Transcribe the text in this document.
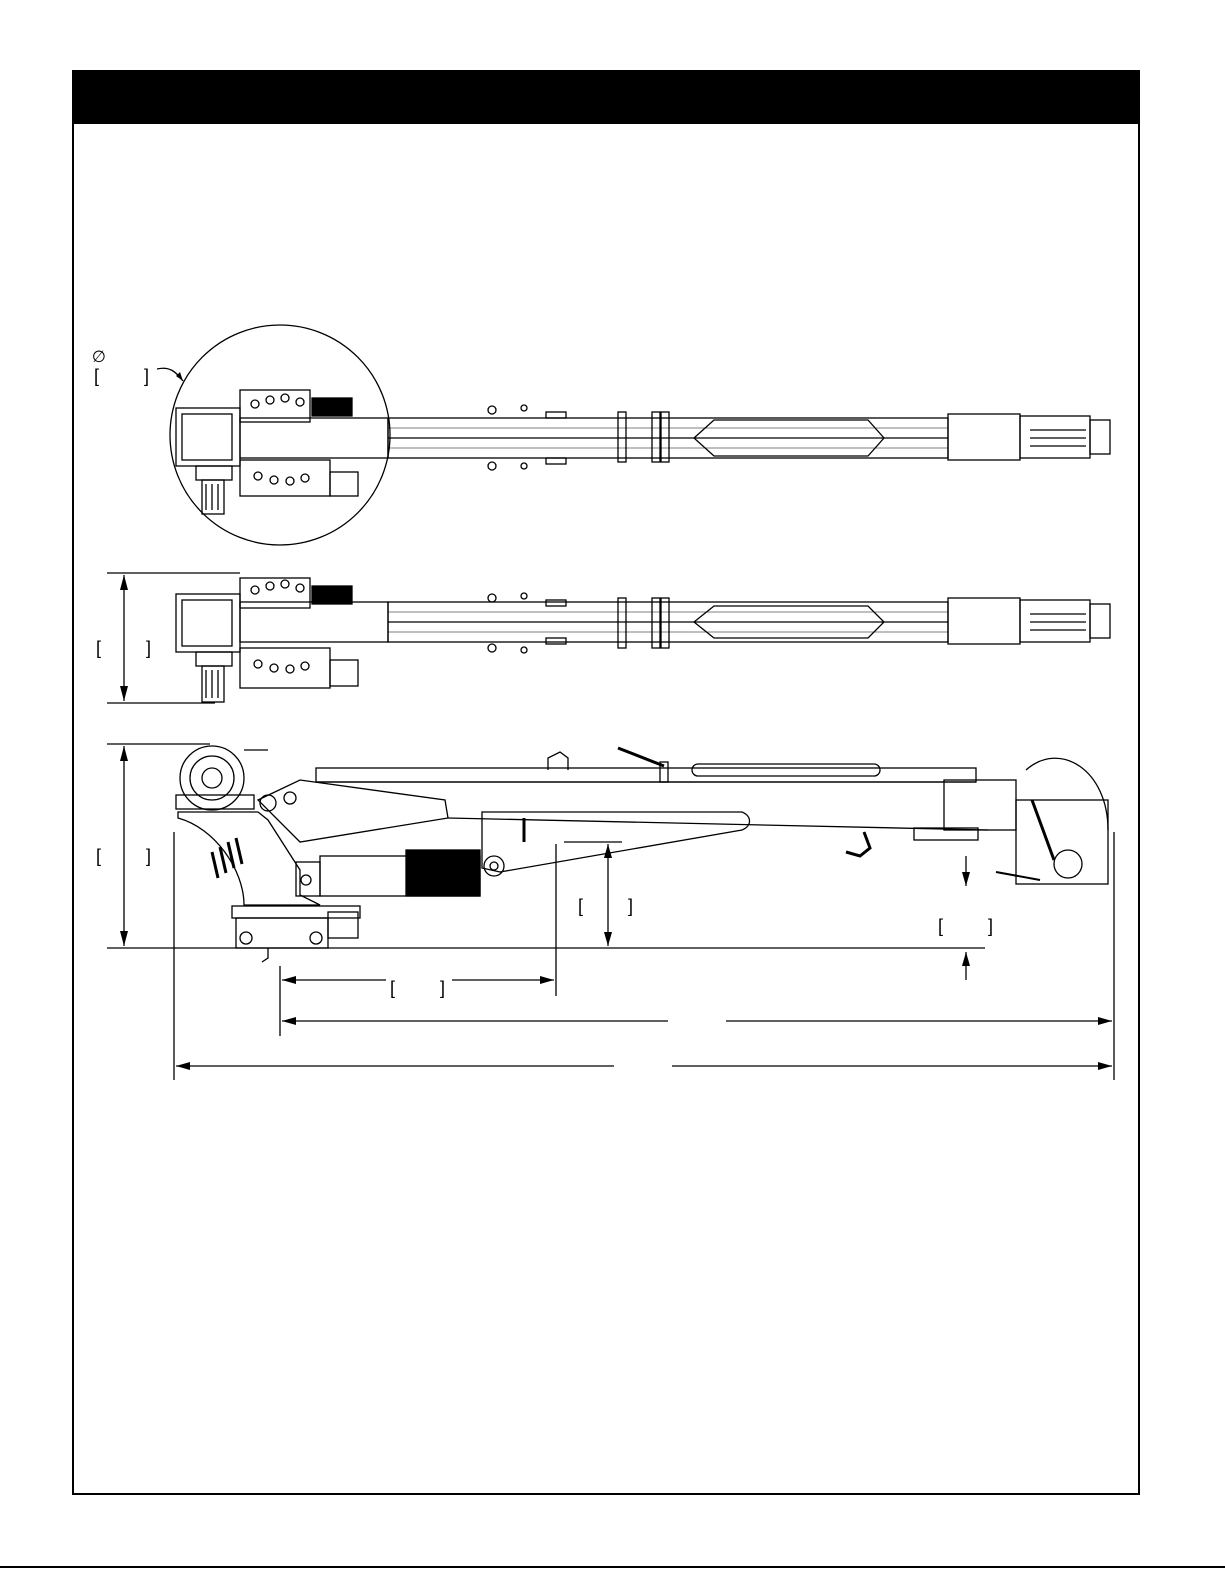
∅
[ ]
[ ]
[ ]
[ ]
[ ]
[ ]
